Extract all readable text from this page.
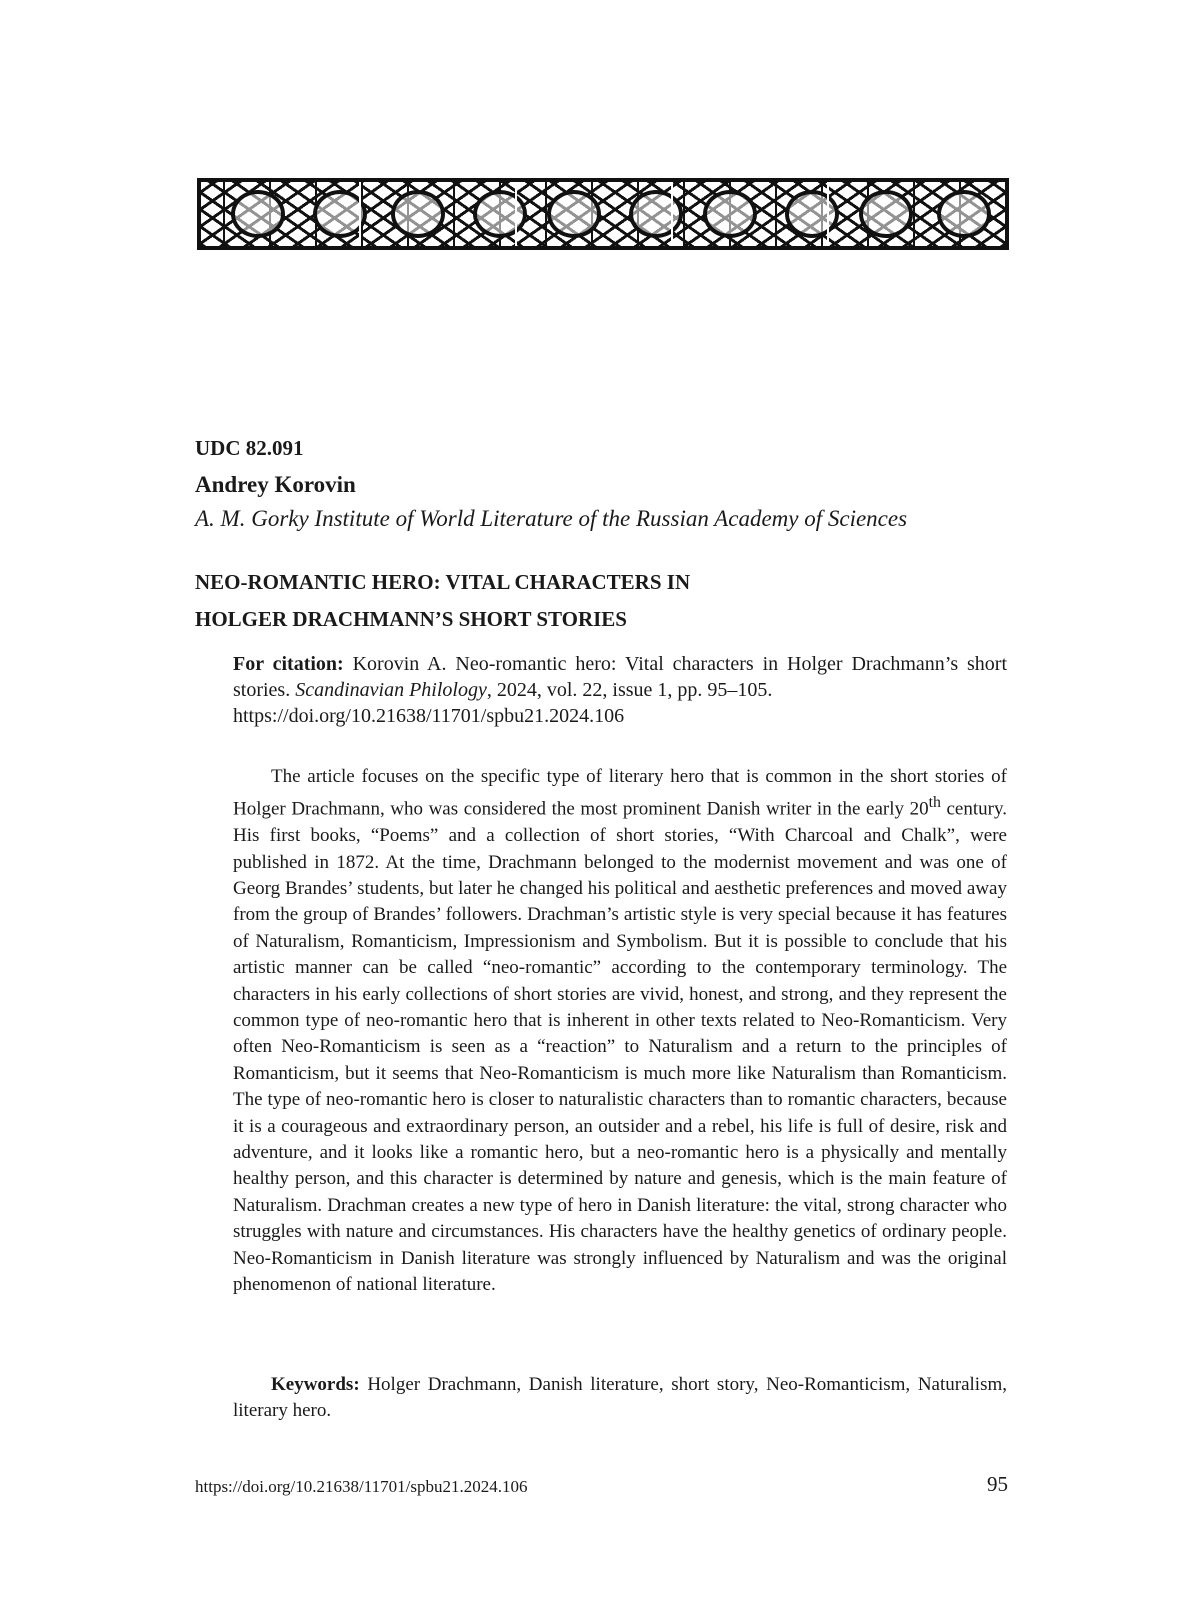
UDC 82.091
Andrey Korovin
A. M. Gorky Institute of World Literature of the Russian Academy of Sciences
NEO-ROMANTIC HERO: VITAL CHARACTERS IN
HOLGER DRACHMANN’S SHORT STORIES
For citation: Korovin A. Neo-romantic hero: Vital characters in Holger Drachmann’s short stories. Scandinavian Philology, 2024, vol. 22, issue 1, pp. 95–105.
https://doi.org/10.21638/11701/spbu21.2024.106

The article focuses on the specific type of literary hero that is common in the short stories of Holger Drachmann, who was considered the most prominent Danish writer in the early 20th century. His first books, “Poems” and a collection of short stories, “With Charcoal and Chalk”, were published in 1872. At the time, Drachmann belonged to the modernist movement and was one of Georg Brandes’ students, but later he changed his political and aesthetic preferences and moved away from the group of Brandes’ followers. Drachman’s artistic style is very special because it has features of Naturalism, Romanticism, Impressionism and Symbolism. But it is possible to conclude that his artistic manner can be called “neo-romantic” according to the contemporary terminology. The characters in his early collections of short stories are vivid, honest, and strong, and they represent the common type of neo-romantic hero that is inherent in other texts related to Neo-Romanticism. Very often Neo-Romanticism is seen as a “reaction” to Naturalism and a return to the principles of Romanticism, but it seems that Neo-Romanticism is much more like Naturalism than Romanticism. The type of neo-romantic hero is closer to naturalistic characters than to romantic characters, because it is a courageous and extraordinary person, an outsider and a rebel, his life is full of desire, risk and adventure, and it looks like a romantic hero, but a neo-romantic hero is a physically and mentally healthy person, and this character is determined by nature and genesis, which is the main feature of Naturalism. Drachman creates a new type of hero in Danish literature: the vital, strong character who struggles with nature and circumstances. His characters have the healthy genetics of ordinary people. Neo-Romanticism in Danish literature was strongly influenced by Naturalism and was the original phenomenon of national literature.

Keywords: Holger Drachmann, Danish literature, short story, Neo-Romanticism, Naturalism, literary hero.

https://doi.org/10.21638/11701/spbu21.2024.106	95
